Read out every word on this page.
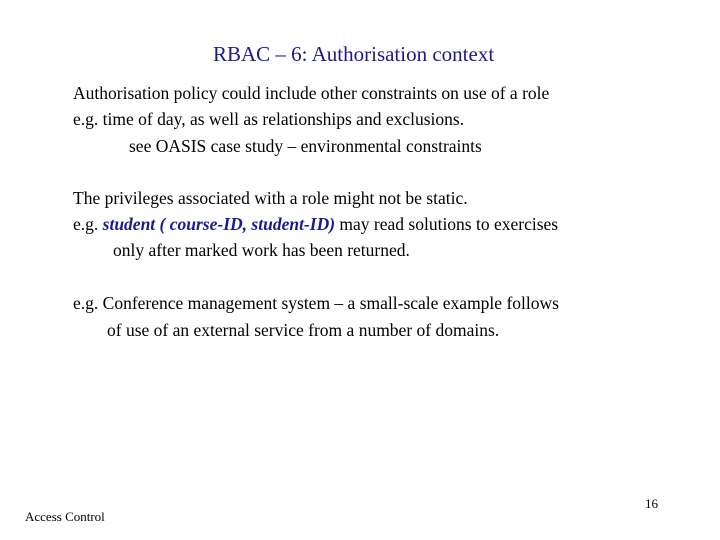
RBAC – 6: Authorisation context
Authorisation policy could include other constraints on use of a role
e.g. time of day, as well as relationships and exclusions.
see OASIS case study – environmental constraints
The privileges associated with a role might not be static.
e.g. student ( course-ID, student-ID) may read solutions to exercises
only after marked work has been returned.
e.g. Conference management system – a small-scale example follows
of use of an external service from a number of domains.
Access Control
16
